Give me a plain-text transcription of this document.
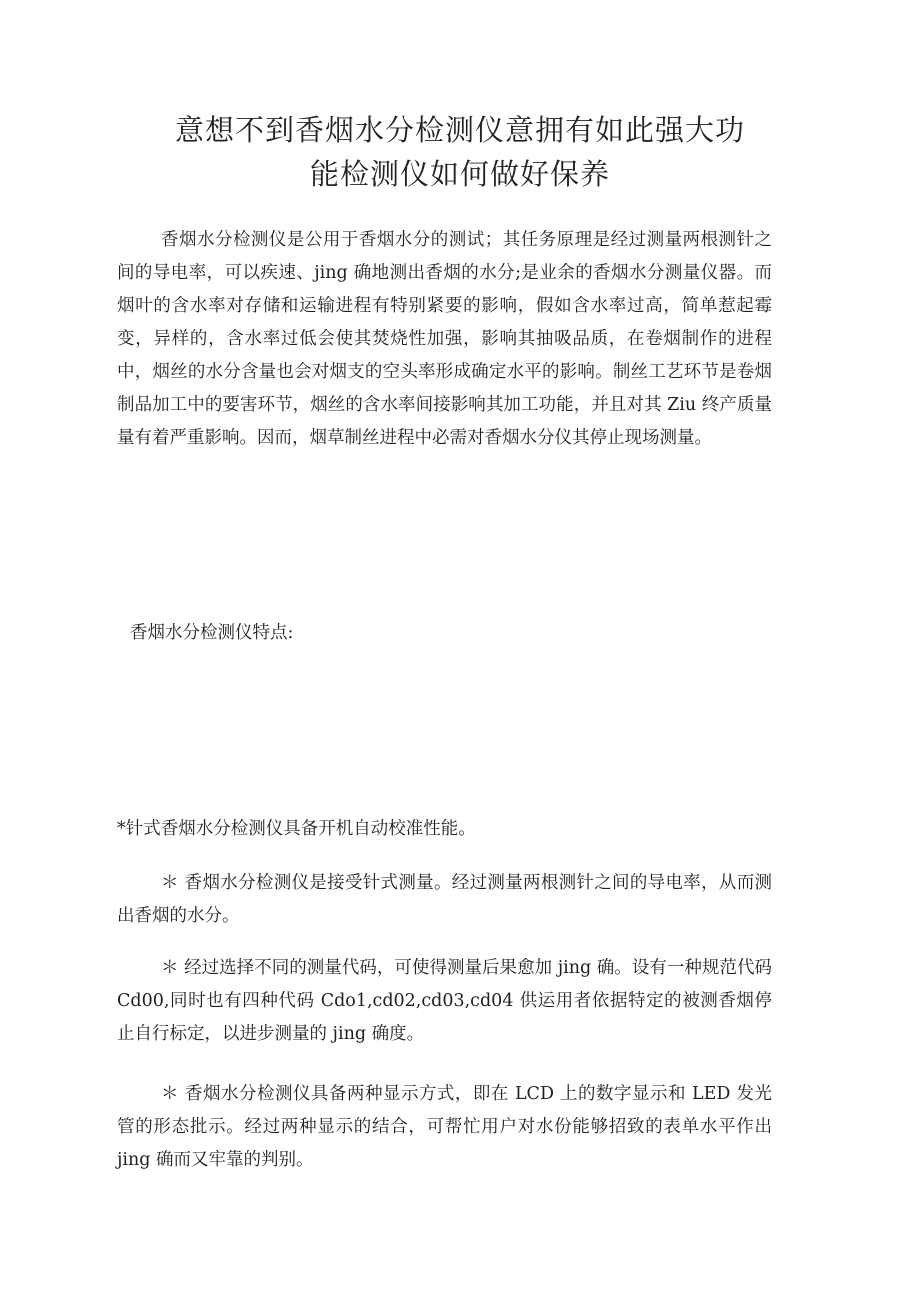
意想不到香烟水分检测仪意拥有如此强大功
能检测仪如何做好保养

香烟水分检测仪是公用于香烟水分的测试；其任务原理是经过测量两根测针之间的导电率，可以疾速、jing 确地测出香烟的水分;是业余的香烟水分测量仪器。而烟叶的含水率对存储和运输进程有特别紧要的影响，假如含水率过高，简单惹起霉变，异样的，含水率过低会使其焚烧性加强，影响其抽吸品质，在卷烟制作的进程中，烟丝的水分含量也会对烟支的空头率形成确定水平的影响。制丝工艺环节是卷烟制品加工中的要害环节，烟丝的含水率间接影响其加工功能，并且对其 Ziu 终产质量量有着严重影响。因而，烟草制丝进程中必需对香烟水分仪其停止现场测量。

香烟水分检测仪特点:

*针式香烟水分检测仪具备开机自动校准性能。

＊ 香烟水分检测仪是接受针式测量。经过测量两根测针之间的导电率，从而测出香烟的水分。

＊ 经过选择不同的测量代码，可使得测量后果愈加 jing 确。设有一种规范代码 Cd00,同时也有四种代码 Cdo1,cd02,cd03,cd04 供运用者依据特定的被测香烟停止自行标定，以进步测量的 jing 确度。

＊ 香烟水分检测仪具备两种显示方式，即在 LCD 上的数字显示和 LED 发光管的形态批示。经过两种显示的结合，可帮忙用户对水份能够招致的表单水平作出 jing 确而又牢靠的判别。
